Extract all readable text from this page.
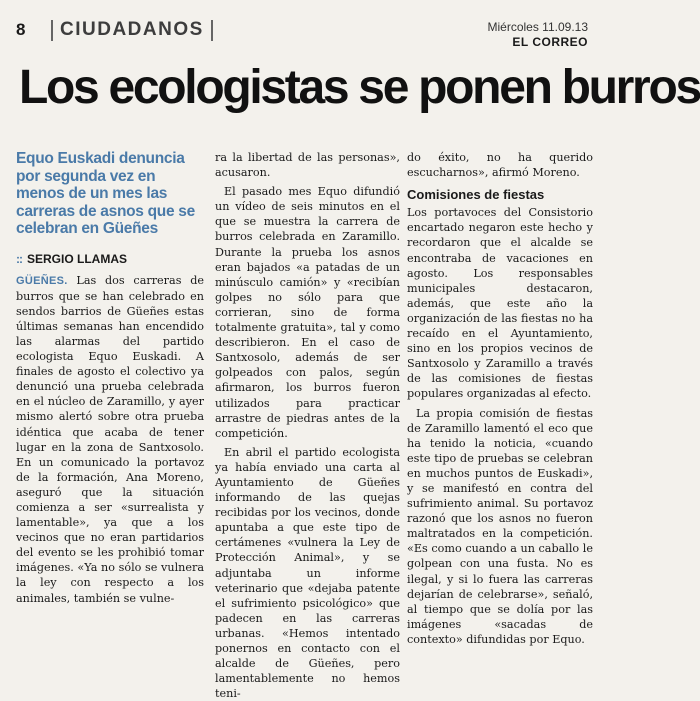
8 CIUDADANOS	Miércoles 11.09.13
EL CORREO
Los ecologistas se ponen burros
Equo Euskadi denuncia por segunda vez en menos de un mes las carreras de asnos que se celebran en Güeñes
:: SERGIO LLAMAS

GÜEÑES. Las dos carreras de burros que se han celebrado en sendos barrios de Güeñes estas últimas semanas han encendido las alarmas del partido ecologista Equo Euskadi. A finales de agosto el colectivo ya denunció una prueba celebrada en el núcleo de Zaramillo, y ayer mismo alertó sobre otra prueba idéntica que acaba de tener lugar en la zona de Santxosolo. En un comunicado la portavoz de la formación, Ana Moreno, aseguró que la situación comienza a ser «surrealista y lamentable», ya que a los vecinos que no eran partidarios del evento se les prohibió tomar imágenes. «Ya no sólo se vulnera la ley con respecto a los animales, también se vulne-

ra la libertad de las personas», acusaron.

El pasado mes Equo difundió un vídeo de seis minutos en el que se muestra la carrera de burros celebrada en Zaramillo. Durante la prueba los asnos eran bajados «a patadas de un minúsculo camión» y «recibían golpes no sólo para que corrieran, sino de forma totalmente gratuita», tal y como describieron. En el caso de Santxosolo, además de ser golpeados con palos, según afirmaron, los burros fueron utilizados para practicar arrastre de piedras antes de la competición.

En abril el partido ecologista ya había enviado una carta al Ayuntamiento de Güeñes informando de las quejas recibidas por los vecinos, donde apuntaba a que este tipo de certámenes «vulnera la Ley de Protección Animal», y se adjuntaba un informe veterinario que «dejaba patente el sufrimiento psicológico» que padecen en las carreras urbanas. «Hemos intentado ponernos en contacto con el alcalde de Güeñes, pero lamentablemente no hemos teni-

do éxito, no ha querido escucharnos», afirmó Moreno.

Comisiones de fiestas

Los portavoces del Consistorio encartado negaron este hecho y recordaron que el alcalde se encontraba de vacaciones en agosto. Los responsables municipales destacaron, además, que este año la organización de las fiestas no ha recaído en el Ayuntamiento, sino en los propios vecinos de Santxosolo y Zaramillo a través de las comisiones de fiestas populares organizadas al efecto.

La propia comisión de fiestas de Zaramillo lamentó el eco que ha tenido la noticia, «cuando este tipo de pruebas se celebran en muchos puntos de Euskadi», y se manifestó en contra del sufrimiento animal. Su portavoz razonó que los asnos no fueron maltratados en la competición. «Es como cuando a un caballo le golpean con una fusta. No es ilegal, y si lo fuera las carreras dejarían de celebrarse», señaló, al tiempo que se dolía por las imágenes «sacadas de contexto» difundidas por Equo.
